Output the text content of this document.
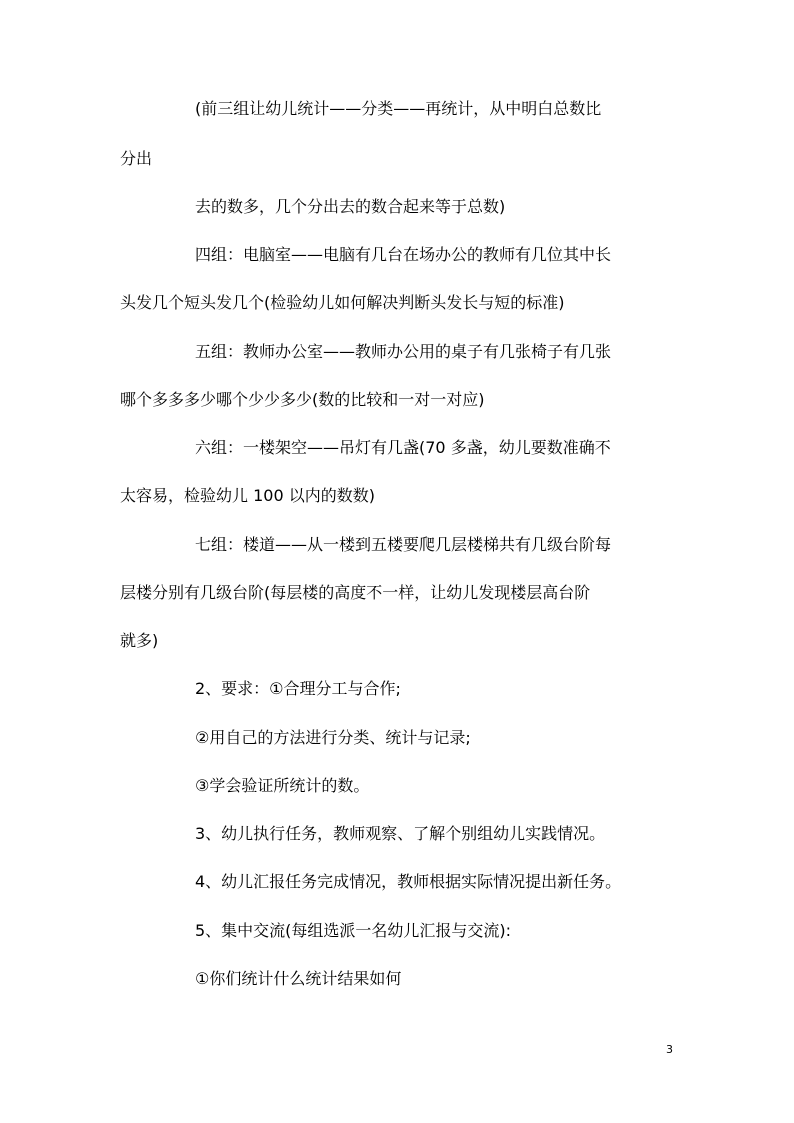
(前三组让幼儿统计——分类——再统计，从中明白总数比
分出
去的数多，几个分出去的数合起来等于总数)
四组：电脑室——电脑有几台在场办公的教师有几位其中长
头发几个短头发几个(检验幼儿如何解决判断头发长与短的标准)
五组：教师办公室——教师办公用的桌子有几张椅子有几张
哪个多多多少哪个少少多少(数的比较和一对一对应)
六组：一楼架空——吊灯有几盏(70 多盏，幼儿要数准确不
太容易，检验幼儿 100 以内的数数)
七组：楼道——从一楼到五楼要爬几层楼梯共有几级台阶每
层楼分别有几级台阶(每层楼的高度不一样，让幼儿发现楼层高台阶
就多)
2、要求：①合理分工与合作;
②用自己的方法进行分类、统计与记录;
③学会验证所统计的数。
3、幼儿执行任务，教师观察、了解个别组幼儿实践情况。
4、幼儿汇报任务完成情况，教师根据实际情况提出新任务。
5、集中交流(每组选派一名幼儿汇报与交流):
①你们统计什么统计结果如何
3
